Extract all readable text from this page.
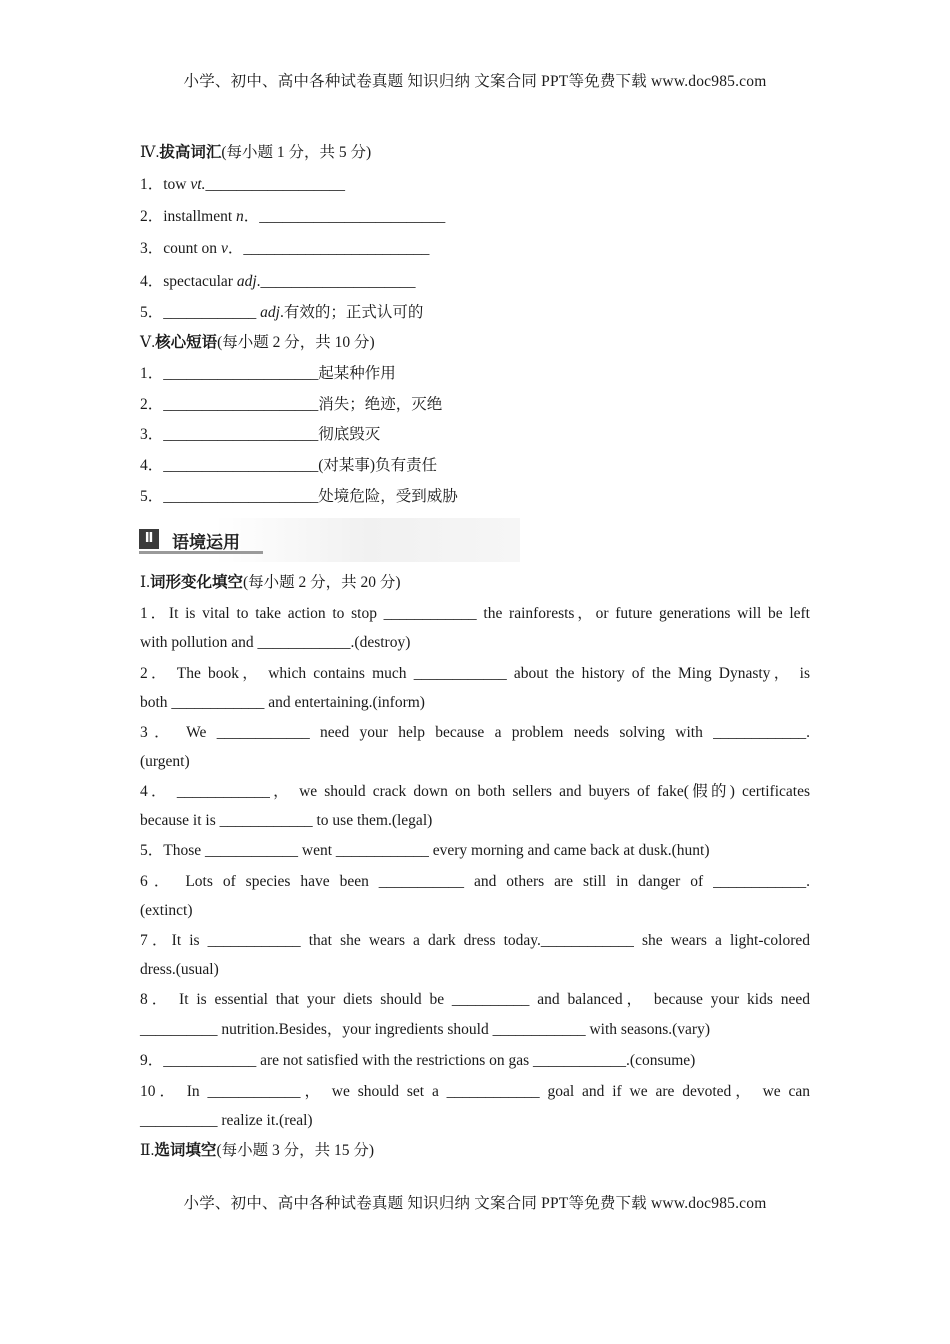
小学、初中、高中各种试卷真题 知识归纳 文案合同 PPT等免费下载 www.doc985.com
Ⅳ.拔高词汇(每小题 1 分，共 5 分)
1．tow vt.__________________
2．installment n．________________________
3．count on v．________________________
4．spectacular adj.____________________
5．____________ adj.有效的；正式认可的
Ⅴ.核心短语(每小题 2 分，共 10 分)
1．____________________起某种作用
2．____________________消失；绝迹，灭绝
3．____________________彻底毁灭
4．____________________(对某事)负有责任
5．____________________处境危险，受到威胁
Ⅱ	语境运用
Ⅰ.词形变化填空(每小题 2 分，共 20 分)
1．It is vital to take action to stop ____________ the rainforests，or future generations will be left
with pollution and ____________.(destroy)
2． The book， which contains much ____________ about the history of the Ming Dynasty， is
both ____________ and entertaining.(inform)
3． We ____________ need your help because a problem needs solving with ____________.
(urgent)
4． ____________， we should crack down on both sellers and buyers of fake(假的) certificates
because it is ____________ to use them.(legal)
5．Those ____________ went ____________ every morning and came back at dusk.(hunt)
6． Lots of species have been ___________ and others are still in danger of ____________.
(extinct)
7．It is ____________ that she wears a dark dress today.____________ she wears a light-colored
dress.(usual)
8． It is essential that your diets should be __________ and balanced， because your kids need
__________ nutrition.Besides，your ingredients should ____________ with seasons.(vary)
9．____________ are not satisfied with the restrictions on gas ____________.(consume)
10． In ____________， we should set a ____________ goal and if we are devoted， we can
__________ realize it.(real)
Ⅱ.选词填空(每小题 3 分，共 15 分)
小学、初中、高中各种试卷真题 知识归纳 文案合同 PPT等免费下载 www.doc985.com
